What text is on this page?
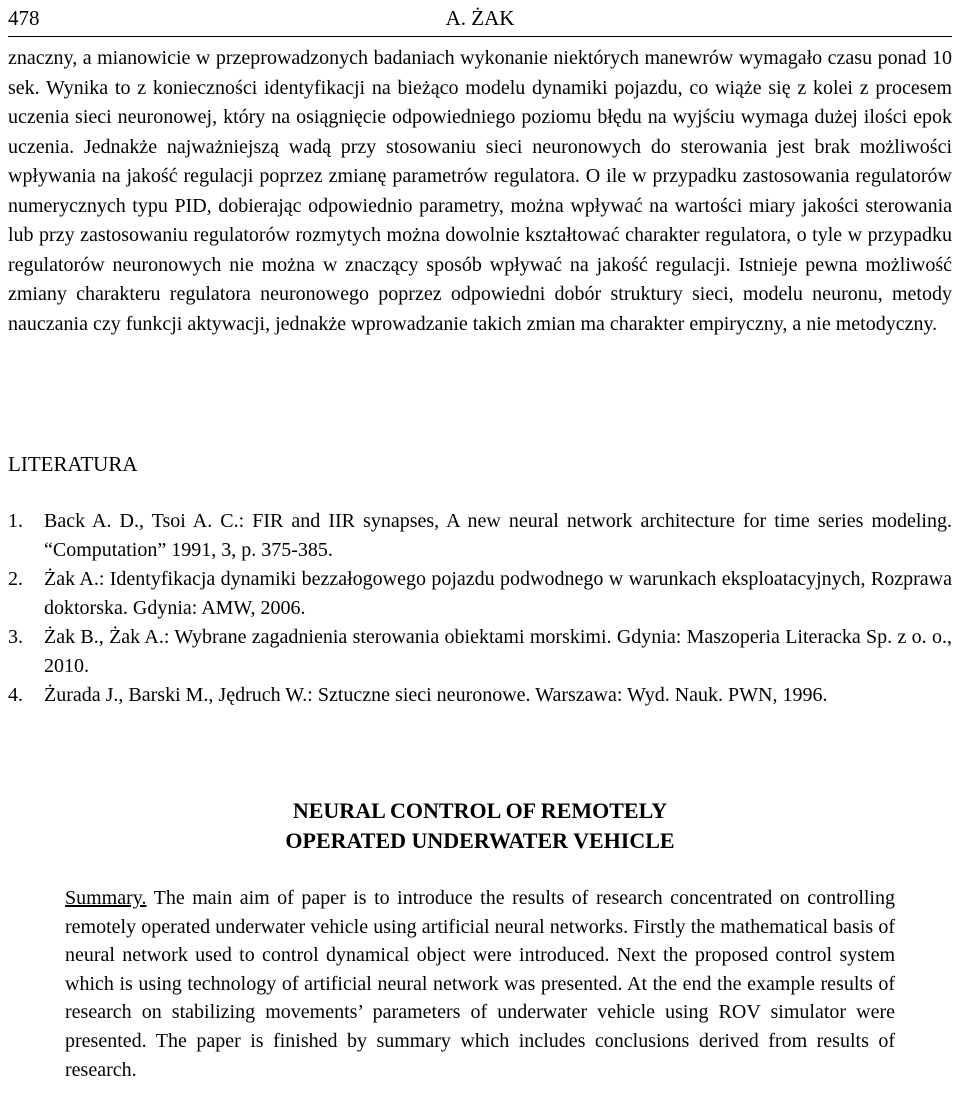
478	A. ŻAK

znaczny, a mianowicie w przeprowadzonych badaniach wykonanie niektórych manewrów wymagało czasu ponad 10 sek. Wynika to z konieczności identyfikacji na bieżąco modelu dynamiki pojazdu, co wiąże się z kolei z procesem uczenia sieci neuronowej, który na osiągnięcie odpowiedniego poziomu błędu na wyjściu wymaga dużej ilości epok uczenia. Jednakże najważniejszą wadą przy stosowaniu sieci neuronowych do sterowania jest brak możliwości wpływania na jakość regulacji poprzez zmianę parametrów regulatora. O ile w przypadku zastosowania regulatorów numerycznych typu PID, dobierając odpowiednio parametry, można wpływać na wartości miary jakości sterowania lub przy zastosowaniu regulatorów rozmytych można dowolnie kształtować charakter regulatora, o tyle w przypadku regulatorów neuronowych nie można w znaczący sposób wpływać na jakość regulacji. Istnieje pewna możliwość zmiany charakteru regulatora neuronowego poprzez odpowiedni dobór struktury sieci, modelu neuronu, metody nauczania czy funkcji aktywacji, jednakże wprowadzanie takich zmian ma charakter empiryczny, a nie metodyczny.

LITERATURA
1.	Back A. D., Tsoi A. C.: FIR and IIR synapses, A new neural network architecture for time series modeling. “Computation” 1991, 3, p. 375-385.
2.	Żak A.: Identyfikacja dynamiki bezzałogowego pojazdu podwodnego w warunkach eksploatacyjnych, Rozprawa doktorska. Gdynia: AMW, 2006.
3.	Żak B., Żak A.: Wybrane zagadnienia sterowania obiektami morskimi. Gdynia: Maszoperia Literacka Sp. z o. o., 2010.
4.	Żurada J., Barski M., Jędruch W.: Sztuczne sieci neuronowe. Warszawa: Wyd. Nauk. PWN, 1996.
NEURAL CONTROL OF REMOTELY
OPERATED UNDERWATER VEHICLE

Summary. The main aim of paper is to introduce the results of research concentrated on controlling remotely operated underwater vehicle using artificial neural networks. Firstly the mathematical basis of neural network used to control dynamical object were introduced. Next the proposed control system which is using technology of artificial neural network was presented. At the end the example results of research on stabilizing movements’ parameters of underwater vehicle using ROV simulator were presented. The paper is finished by summary which includes conclusions derived from results of research.
